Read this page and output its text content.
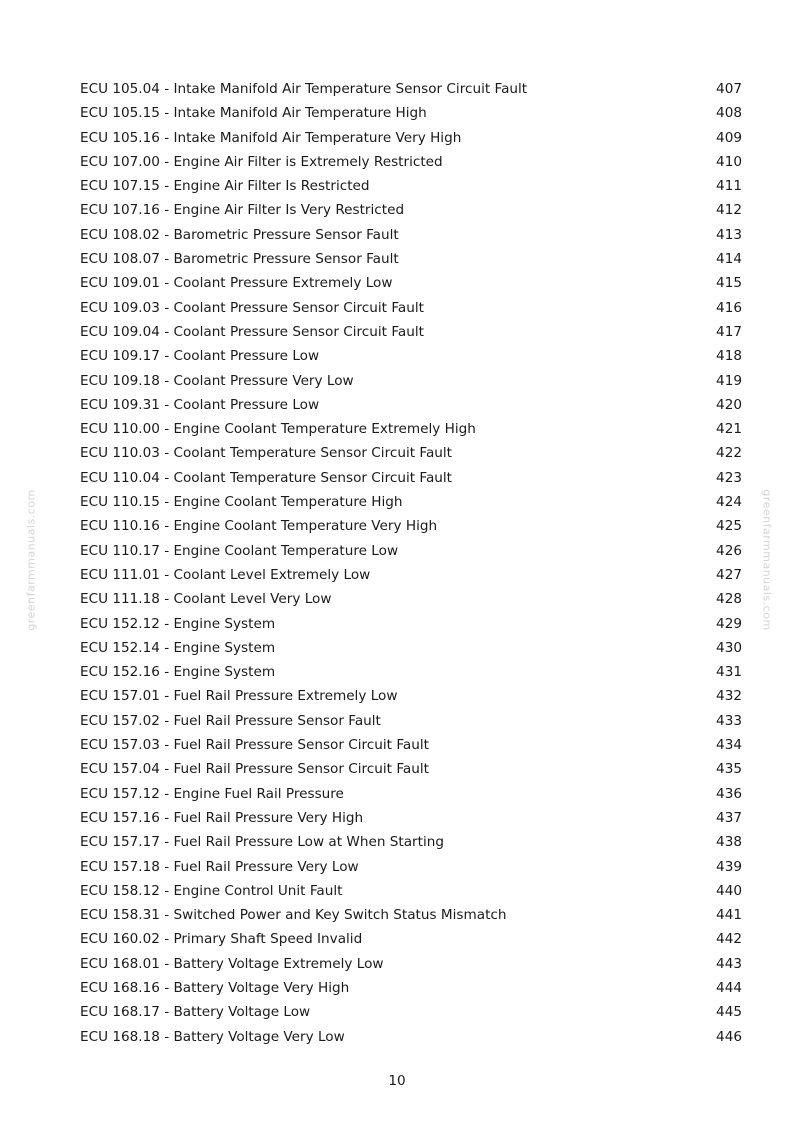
greenfarmmanuals.com	greenfarmmanuals.com
ECU 105.04 - Intake Manifold Air Temperature Sensor Circuit Fault	407
ECU 105.15 - Intake Manifold Air Temperature High	408
ECU 105.16 - Intake Manifold Air Temperature Very High	409
ECU 107.00 - Engine Air Filter is Extremely Restricted	410
ECU 107.15 - Engine Air Filter Is Restricted	411
ECU 107.16 - Engine Air Filter Is Very Restricted	412
ECU 108.02 - Barometric Pressure Sensor Fault	413
ECU 108.07 - Barometric Pressure Sensor Fault	414
ECU 109.01 - Coolant Pressure Extremely Low	415
ECU 109.03 - Coolant Pressure Sensor Circuit Fault	416
ECU 109.04 - Coolant Pressure Sensor Circuit Fault	417
ECU 109.17 - Coolant Pressure Low	418
ECU 109.18 - Coolant Pressure Very Low	419
ECU 109.31 - Coolant Pressure Low	420
ECU 110.00 - Engine Coolant Temperature Extremely High	421
ECU 110.03 - Coolant Temperature Sensor Circuit Fault	422
ECU 110.04 - Coolant Temperature Sensor Circuit Fault	423
ECU 110.15 - Engine Coolant Temperature High	424
ECU 110.16 - Engine Coolant Temperature Very High	425
ECU 110.17 - Engine Coolant Temperature Low	426
ECU 111.01 - Coolant Level Extremely Low	427
ECU 111.18 - Coolant Level Very Low	428
ECU 152.12 - Engine System	429
ECU 152.14 - Engine System	430
ECU 152.16 - Engine System	431
ECU 157.01 - Fuel Rail Pressure Extremely Low	432
ECU 157.02 - Fuel Rail Pressure Sensor Fault	433
ECU 157.03 - Fuel Rail Pressure Sensor Circuit Fault	434
ECU 157.04 - Fuel Rail Pressure Sensor Circuit Fault	435
ECU 157.12 - Engine Fuel Rail Pressure	436
ECU 157.16 - Fuel Rail Pressure Very High	437
ECU 157.17 - Fuel Rail Pressure Low at When Starting	438
ECU 157.18 - Fuel Rail Pressure Very Low	439
ECU 158.12 - Engine Control Unit Fault	440
ECU 158.31 - Switched Power and Key Switch Status Mismatch	441
ECU 160.02 - Primary Shaft Speed Invalid	442
ECU 168.01 - Battery Voltage Extremely Low	443
ECU 168.16 - Battery Voltage Very High	444
ECU 168.17 - Battery Voltage Low	445
ECU 168.18 - Battery Voltage Very Low	446
10
